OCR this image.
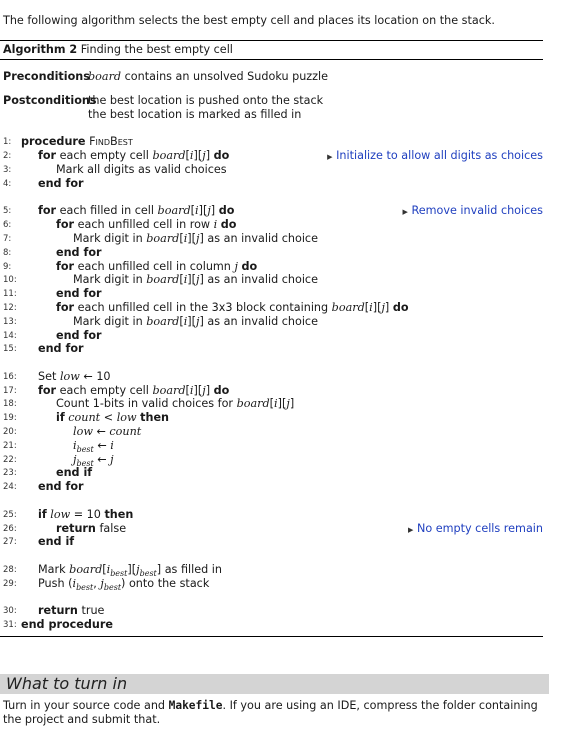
The following algorithm selects the best empty cell and places its location on the stack.
Algorithm 2 Finding the best empty cell
Preconditions
board contains an unsolved Sudoku puzzle
Postconditions
the best location is pushed onto the stack
the best location is marked as filled in
1: procedure FindBest
2: for each empty cell board[i][j] do	▶ Initialize to allow all digits as choices
3:	Mark all digits as valid choices
4: end for
5: for each filled in cell board[i][j] do	▶ Remove invalid choices
6:	for each unfilled cell in row i do
7:	Mark digit in board[i][j] as an invalid choice
8:	end for
9:	for each unfilled cell in column j do
10:	Mark digit in board[i][j] as an invalid choice
11:	end for
12:	for each unfilled cell in the 3x3 block containing board[i][j] do
13:	Mark digit in board[i][j] as an invalid choice
14:	end for
15: end for
16: Set low ← 10
17: for each empty cell board[i][j] do
18:	Count 1-bits in valid choices for board[i][j]
19:	if count < low then
20:	low ← count
21:	$i_{best}$ ← i
22:	$j_{best}$ ← j
23:	end if
24: end for
25: if low = 10 then
26:	return false	▶ No empty cells remain
27: end if
28: Mark $board[i_{best}][j_{best}]$ as filled in
29: Push ($i_{best}$, $j_{best}$) onto the stack
30: return true
31: end procedure
What to turn in
Turn in your source code and Makefile. If you are using an IDE, compress the folder containing the project and submit that.
